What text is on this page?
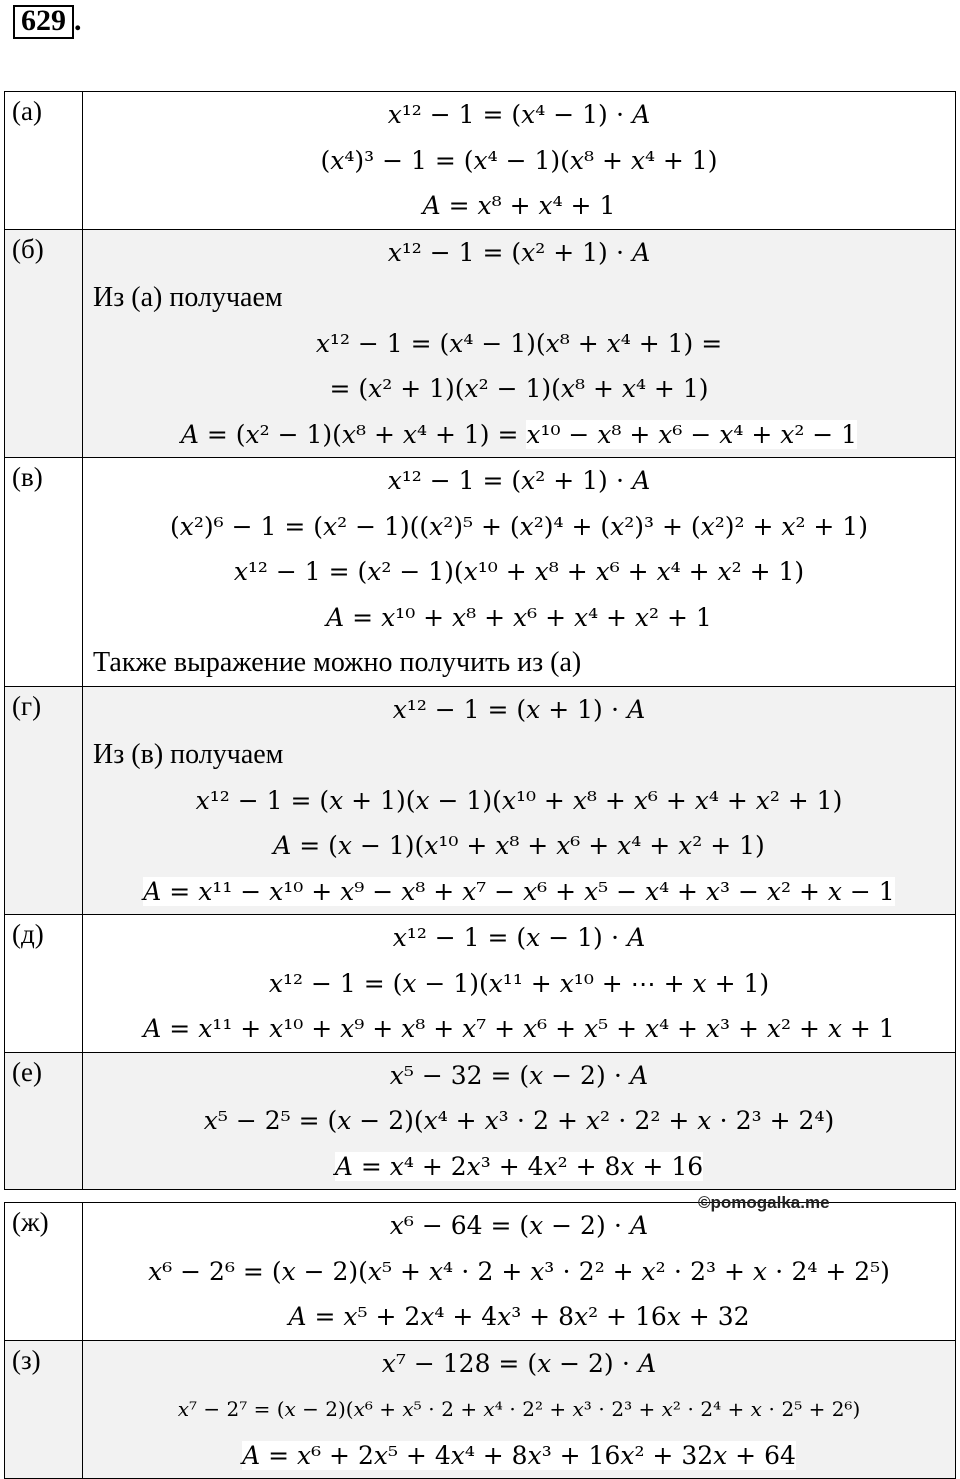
629 .
(а)	𝑥¹² − 1 = (𝑥⁴ − 1) ⋅ 𝐴
(𝑥⁴)³ − 1 = (𝑥⁴ − 1)(𝑥⁸ + 𝑥⁴ + 1)
𝐴 = 𝑥⁸ + 𝑥⁴ + 1

(б)	𝑥¹² − 1 = (𝑥² + 1) ⋅ 𝐴
Из (а) получаем
𝑥¹² − 1 = (𝑥⁴ − 1)(𝑥⁸ + 𝑥⁴ + 1) =
= (𝑥² + 1)(𝑥² − 1)(𝑥⁸ + 𝑥⁴ + 1)
𝐴 = (𝑥² − 1)(𝑥⁸ + 𝑥⁴ + 1) = 𝑥¹⁰ − 𝑥⁸ + 𝑥⁶ − 𝑥⁴ + 𝑥² − 1

(в)	𝑥¹² − 1 = (𝑥² + 1) ⋅ 𝐴
(𝑥²)⁶ − 1 = (𝑥² − 1)((𝑥²)⁵ + (𝑥²)⁴ + (𝑥²)³ + (𝑥²)² + 𝑥² + 1)
𝑥¹² − 1 = (𝑥² − 1)(𝑥¹⁰ + 𝑥⁸ + 𝑥⁶ + 𝑥⁴ + 𝑥² + 1)
𝐴 = 𝑥¹⁰ + 𝑥⁸ + 𝑥⁶ + 𝑥⁴ + 𝑥² + 1
Также выражение можно получить из (а)

(г)	𝑥¹² − 1 = (𝑥 + 1) ⋅ 𝐴
Из (в) получаем
𝑥¹² − 1 = (𝑥 + 1)(𝑥 − 1)(𝑥¹⁰ + 𝑥⁸ + 𝑥⁶ + 𝑥⁴ + 𝑥² + 1)
𝐴 = (𝑥 − 1)(𝑥¹⁰ + 𝑥⁸ + 𝑥⁶ + 𝑥⁴ + 𝑥² + 1)
𝐴 = 𝑥¹¹ − 𝑥¹⁰ + 𝑥⁹ − 𝑥⁸ + 𝑥⁷ − 𝑥⁶ + 𝑥⁵ − 𝑥⁴ + 𝑥³ − 𝑥² + 𝑥 − 1

(д)	𝑥¹² − 1 = (𝑥 − 1) ⋅ 𝐴
𝑥¹² − 1 = (𝑥 − 1)(𝑥¹¹ + 𝑥¹⁰ + ⋯ + 𝑥 + 1)
𝐴 = 𝑥¹¹ + 𝑥¹⁰ + 𝑥⁹ + 𝑥⁸ + 𝑥⁷ + 𝑥⁶ + 𝑥⁵ + 𝑥⁴ + 𝑥³ + 𝑥² + 𝑥 + 1

(е)	𝑥⁵ − 32 = (𝑥 − 2) ⋅ 𝐴
𝑥⁵ − 2⁵ = (𝑥 − 2)(𝑥⁴ + 𝑥³ ⋅ 2 + 𝑥² ⋅ 2² + 𝑥 ⋅ 2³ + 2⁴)
𝐴 = 𝑥⁴ + 2𝑥³ + 4𝑥² + 8𝑥 + 16
(ж)	𝑥⁶ − 64 = (𝑥 − 2) ⋅ 𝐴
𝑥⁶ − 2⁶ = (𝑥 − 2)(𝑥⁵ + 𝑥⁴ ⋅ 2 + 𝑥³ ⋅ 2² + 𝑥² ⋅ 2³ + 𝑥 ⋅ 2⁴ + 2⁵)
𝐴 = 𝑥⁵ + 2𝑥⁴ + 4𝑥³ + 8𝑥² + 16𝑥 + 32

(з)	𝑥⁷ − 128 = (𝑥 − 2) ⋅ 𝐴
𝑥⁷ − 2⁷ = (𝑥 − 2)(𝑥⁶ + 𝑥⁵ ⋅ 2 + 𝑥⁴ ⋅ 2² + 𝑥³ ⋅ 2³ + 𝑥² ⋅ 2⁴ + 𝑥 ⋅ 2⁵ + 2⁶)
𝐴 = 𝑥⁶ + 2𝑥⁵ + 4𝑥⁴ + 8𝑥³ + 16𝑥² + 32𝑥 + 64
©pomogalka.me
